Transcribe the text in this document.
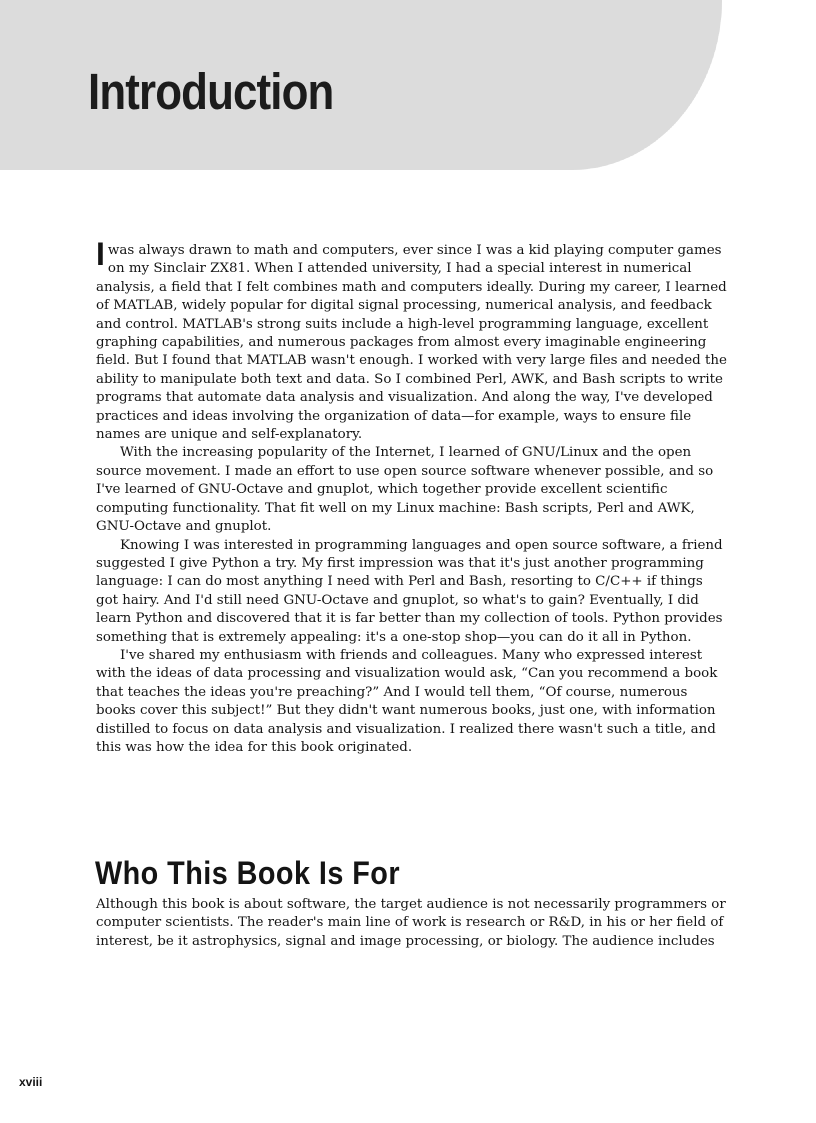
Introduction

I was always drawn to math and computers, ever since I was a kid playing computer games on my Sinclair ZX81. When I attended university, I had a special interest in numerical analysis, a field that I felt combines math and computers ideally. During my career, I learned of MATLAB, widely popular for digital signal processing, numerical analysis, and feedback and control. MATLAB's strong suits include a high-level programming language, excellent graphing capabilities, and numerous packages from almost every imaginable engineering field. But I found that MATLAB wasn't enough. I worked with very large files and needed the ability to manipulate both text and data. So I combined Perl, AWK, and Bash scripts to write programs that automate data analysis and visualization. And along the way, I've developed practices and ideas involving the organization of data—for example, ways to ensure file names are unique and self-explanatory.

With the increasing popularity of the Internet, I learned of GNU/Linux and the open source movement. I made an effort to use open source software whenever possible, and so I've learned of GNU-Octave and gnuplot, which together provide excellent scientific computing functionality. That fit well on my Linux machine: Bash scripts, Perl and AWK, GNU-Octave and gnuplot.

Knowing I was interested in programming languages and open source software, a friend suggested I give Python a try. My first impression was that it's just another programming language: I can do most anything I need with Perl and Bash, resorting to C/C++ if things got hairy. And I'd still need GNU-Octave and gnuplot, so what's to gain? Eventually, I did learn Python and discovered that it is far better than my collection of tools. Python provides something that is extremely appealing: it's a one-stop shop—you can do it all in Python.

I've shared my enthusiasm with friends and colleagues. Many who expressed interest with the ideas of data processing and visualization would ask, “Can you recommend a book that teaches the ideas you're preaching?” And I would tell them, “Of course, numerous books cover this subject!” But they didn't want numerous books, just one, with information distilled to focus on data analysis and visualization. I realized there wasn't such a title, and this was how the idea for this book originated.

Who This Book Is For

Although this book is about software, the target audience is not necessarily programmers or computer scientists. The reader's main line of work is research or R&D, in his or her field of interest, be it astrophysics, signal and image processing, or biology. The audience includes

xviii
